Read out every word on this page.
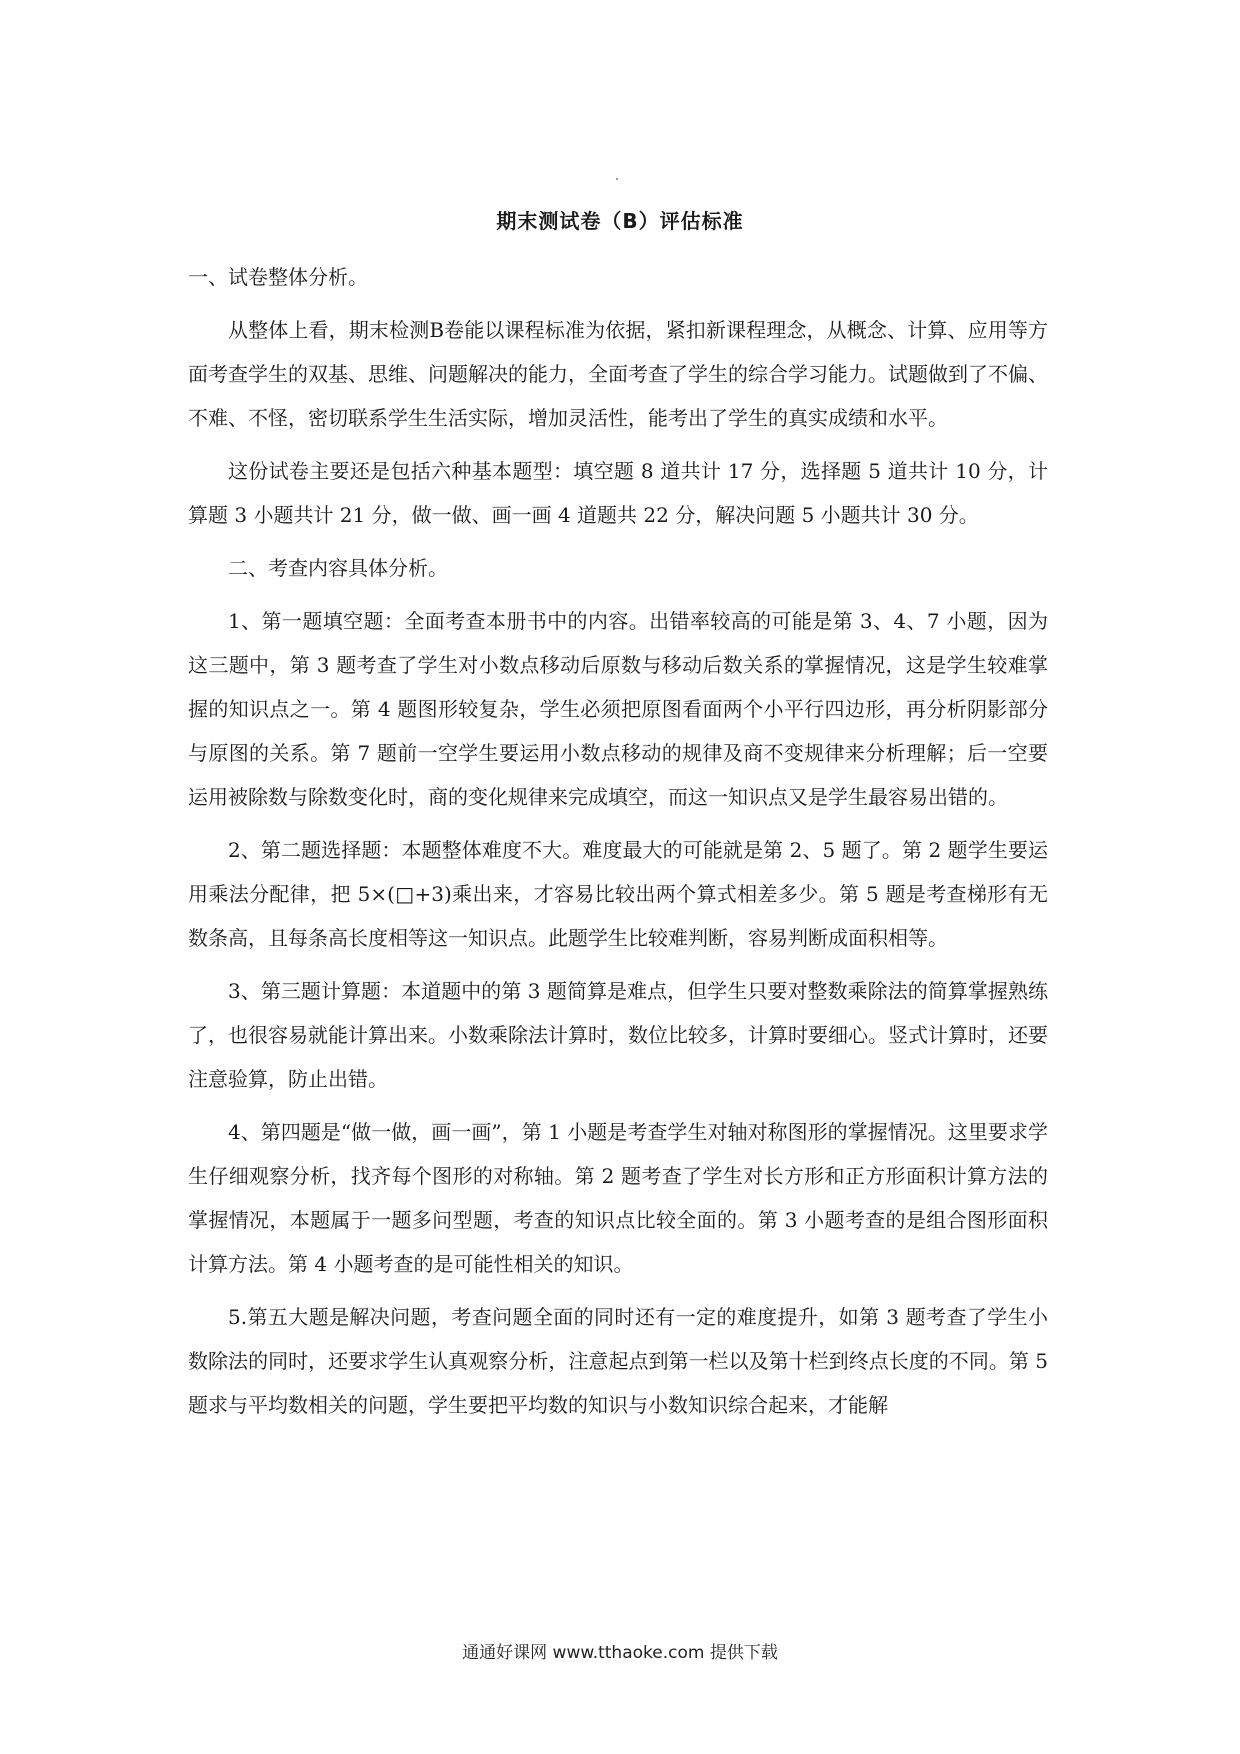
期末测试卷（B）评估标准

一、试卷整体分析。

从整体上看，期末检测B卷能以课程标准为依据，紧扣新课程理念，从概念、计算、应用等方面考查学生的双基、思维、问题解决的能力，全面考查了学生的综合学习能力。试题做到了不偏、不难、不怪，密切联系学生生活实际，增加灵活性，能考出了学生的真实成绩和水平。

这份试卷主要还是包括六种基本题型：填空题 8 道共计 17 分，选择题 5 道共计 10 分，计算题 3 小题共计 21 分，做一做、画一画 4 道题共 22 分，解决问题 5 小题共计 30 分。

二、考查内容具体分析。

1、第一题填空题：全面考查本册书中的内容。出错率较高的可能是第 3、4、7 小题，因为这三题中，第 3 题考查了学生对小数点移动后原数与移动后数关系的掌握情况，这是学生较难掌握的知识点之一。第 4 题图形较复杂，学生必须把原图看面两个小平行四边形，再分析阴影部分与原图的关系。第 7 题前一空学生要运用小数点移动的规律及商不变规律来分析理解；后一空要运用被除数与除数变化时，商的变化规律来完成填空，而这一知识点又是学生最容易出错的。

2、第二题选择题：本题整体难度不大。难度最大的可能就是第 2、5 题了。第 2 题学生要运用乘法分配律，把 5×(□+3)乘出来，才容易比较出两个算式相差多少。第 5 题是考查梯形有无数条高，且每条高长度相等这一知识点。此题学生比较难判断，容易判断成面积相等。

3、第三题计算题：本道题中的第 3 题简算是难点，但学生只要对整数乘除法的简算掌握熟练了，也很容易就能计算出来。小数乘除法计算时，数位比较多，计算时要细心。竖式计算时，还要注意验算，防止出错。

4、第四题是“做一做，画一画”，第 1 小题是考查学生对轴对称图形的掌握情况。这里要求学生仔细观察分析，找齐每个图形的对称轴。第 2 题考查了学生对长方形和正方形面积计算方法的掌握情况，本题属于一题多问型题，考查的知识点比较全面的。第 3 小题考查的是组合图形面积计算方法。第 4 小题考查的是可能性相关的知识。

5.第五大题是解决问题，考查问题全面的同时还有一定的难度提升，如第 3 题考查了学生小数除法的同时，还要求学生认真观察分析，注意起点到第一栏以及第十栏到终点长度的不同。第 5 题求与平均数相关的问题，学生要把平均数的知识与小数知识综合起来，才能解

通通好课网 www.tthaoke.com 提供下载
